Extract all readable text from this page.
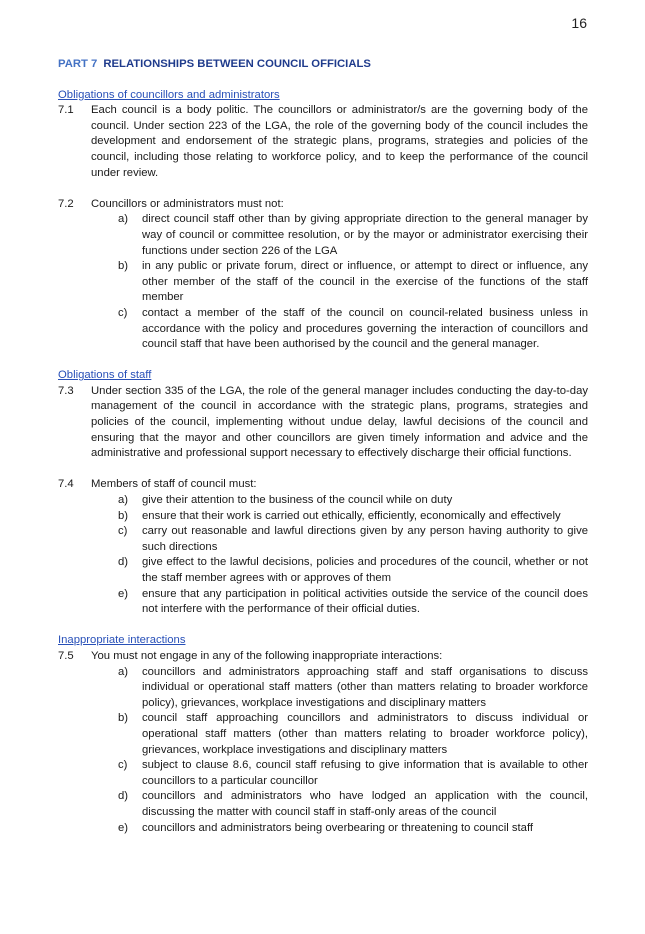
16
PART 7 RELATIONSHIPS BETWEEN COUNCIL OFFICIALS
Obligations of councillors and administrators
7.1	Each council is a body politic. The councillors or administrator/s are the governing body of the council. Under section 223 of the LGA, the role of the governing body of the council includes the development and endorsement of the strategic plans, programs, strategies and policies of the council, including those relating to workforce policy, and to keep the performance of the council under review.
7.2	Councillors or administrators must not:
a)	direct council staff other than by giving appropriate direction to the general manager by way of council or committee resolution, or by the mayor or administrator exercising their functions under section 226 of the LGA
b)	in any public or private forum, direct or influence, or attempt to direct or influence, any other member of the staff of the council in the exercise of the functions of the staff member
c)	contact a member of the staff of the council on council-related business unless in accordance with the policy and procedures governing the interaction of councillors and council staff that have been authorised by the council and the general manager.
Obligations of staff
7.3	Under section 335 of the LGA, the role of the general manager includes conducting the day-to-day management of the council in accordance with the strategic plans, programs, strategies and policies of the council, implementing without undue delay, lawful decisions of the council and ensuring that the mayor and other councillors are given timely information and advice and the administrative and professional support necessary to effectively discharge their official functions.
7.4	Members of staff of council must:
a)	give their attention to the business of the council while on duty
b)	ensure that their work is carried out ethically, efficiently, economically and effectively
c)	carry out reasonable and lawful directions given by any person having authority to give such directions
d)	give effect to the lawful decisions, policies and procedures of the council, whether or not the staff member agrees with or approves of them
e)	ensure that any participation in political activities outside the service of the council does not interfere with the performance of their official duties.
Inappropriate interactions
7.5	You must not engage in any of the following inappropriate interactions:
a)	councillors and administrators approaching staff and staff organisations to discuss individual or operational staff matters (other than matters relating to broader workforce policy), grievances, workplace investigations and disciplinary matters
b)	council staff approaching councillors and administrators to discuss individual or operational staff matters (other than matters relating to broader workforce policy), grievances, workplace investigations and disciplinary matters
c)	subject to clause 8.6, council staff refusing to give information that is available to other councillors to a particular councillor
d)	councillors and administrators who have lodged an application with the council, discussing the matter with council staff in staff-only areas of the council
e)	councillors and administrators being overbearing or threatening to council staff
